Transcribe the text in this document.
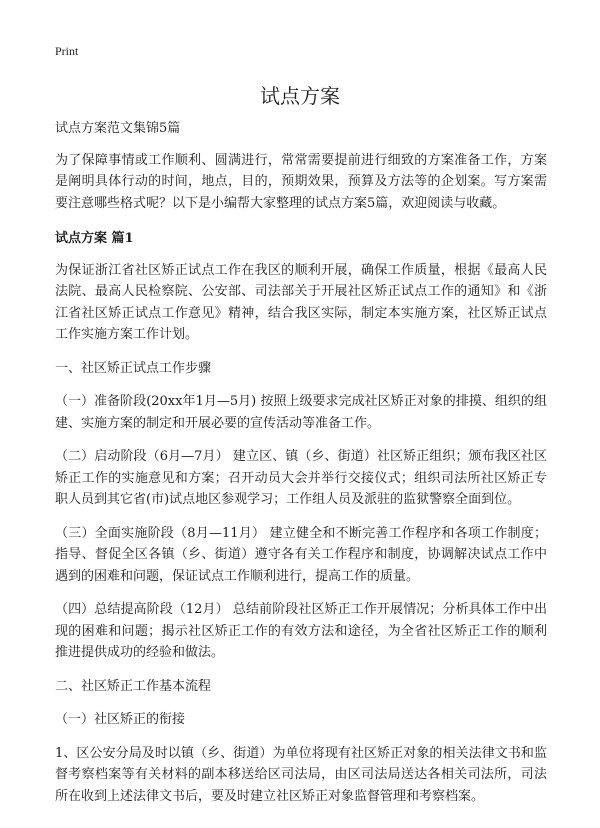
Print
试点方案

试点方案范文集锦5篇

为了保障事情或工作顺利、圆满进行，常常需要提前进行细致的方案准备工作，方案是阐明具体行动的时间，地点，目的，预期效果，预算及方法等的企划案。写方案需要注意哪些格式呢？以下是小编帮大家整理的试点方案5篇，欢迎阅读与收藏。

试点方案 篇1

为保证浙江省社区矫正试点工作在我区的顺利开展，确保工作质量，根据《最高人民法院、最高人民检察院、公安部、司法部关于开展社区矫正试点工作的通知》和《浙江省社区矫正试点工作意见》精神，结合我区实际，制定本实施方案，社区矫正试点工作实施方案工作计划。

一、社区矫正试点工作步骤

（一）准备阶段(20xx年1月—5月) 按照上级要求完成社区矫正对象的排摸、组织的组建、实施方案的制定和开展必要的宣传活动等准备工作。

（二）启动阶段（6月—7月） 建立区、镇（乡、街道）社区矫正组织；颁布我区社区矫正工作的实施意见和方案；召开动员大会并举行交接仪式；组织司法所社区矫正专职人员到其它省(市)试点地区参观学习；工作组人员及派驻的监狱警察全面到位。

（三）全面实施阶段（8月—11月） 建立健全和不断完善工作程序和各项工作制度；指导、督促全区各镇（乡、街道）遵守各有关工作程序和制度，协调解决试点工作中遇到的困难和问题，保证试点工作顺利进行，提高工作的质量。

（四）总结提高阶段（12月） 总结前阶段社区矫正工作开展情况；分析具体工作中出现的困难和问题；揭示社区矫正工作的有效方法和途径，为全省社区矫正工作的顺利推进提供成功的经验和做法。

二、社区矫正工作基本流程

（一）社区矫正的衔接

1、区公安分局及时以镇（乡、街道）为单位将现有社区矫正对象的相关法律文书和监督考察档案等有关材料的副本移送给区司法局，由区司法局送达各相关司法所，司法所在收到上述法律文书后，要及时建立社区矫正对象监督管理和考察档案。
